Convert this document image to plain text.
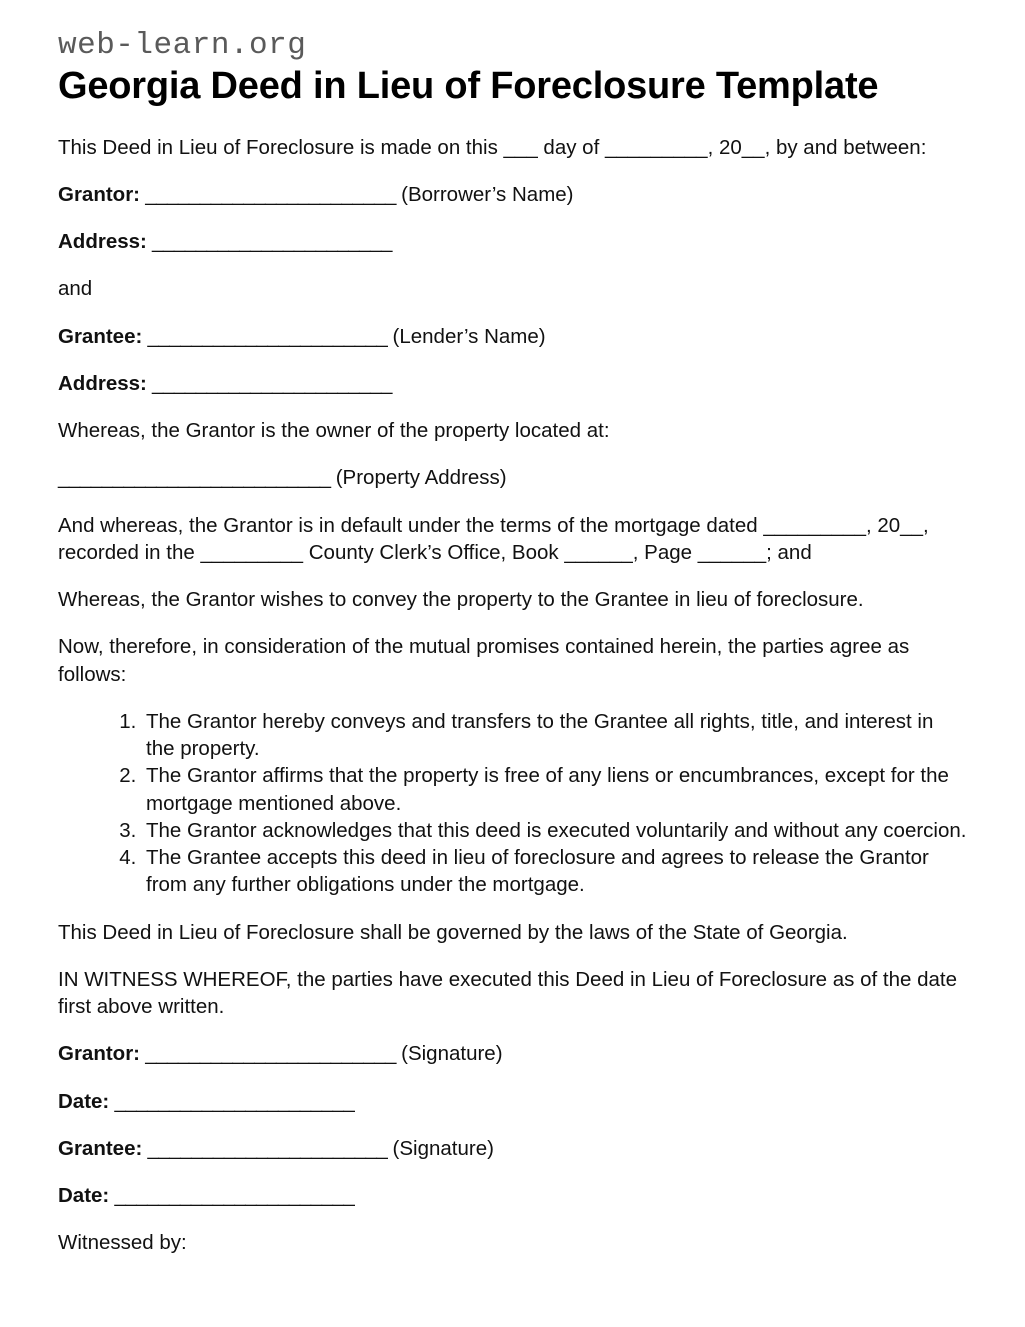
web-learn.org
Georgia Deed in Lieu of Foreclosure Template

This Deed in Lieu of Foreclosure is made on this ___ day of _________, 20__, by and between:

Grantor: _______________________ (Borrower’s Name)
Address: ______________________

and

Grantee: ______________________ (Lender’s Name)
Address: ______________________

Whereas, the Grantor is the owner of the property located at:

_________________________ (Property Address)

And whereas, the Grantor is in default under the terms of the mortgage dated _________, 20__, recorded in the _________ County Clerk’s Office, Book ______, Page ______; and

Whereas, the Grantor wishes to convey the property to the Grantee in lieu of foreclosure.

Now, therefore, in consideration of the mutual promises contained herein, the parties agree as follows:

1. The Grantor hereby conveys and transfers to the Grantee all rights, title, and interest in the property.
2. The Grantor affirms that the property is free of any liens or encumbrances, except for the mortgage mentioned above.
3. The Grantor acknowledges that this deed is executed voluntarily and without any coercion.
4. The Grantee accepts this deed in lieu of foreclosure and agrees to release the Grantor from any further obligations under the mortgage.

This Deed in Lieu of Foreclosure shall be governed by the laws of the State of Georgia.

IN WITNESS WHEREOF, the parties have executed this Deed in Lieu of Foreclosure as of the date first above written.

Grantor: _______________________ (Signature)
Date: ______________________
Grantee: ______________________ (Signature)
Date: ______________________

Witnessed by:
